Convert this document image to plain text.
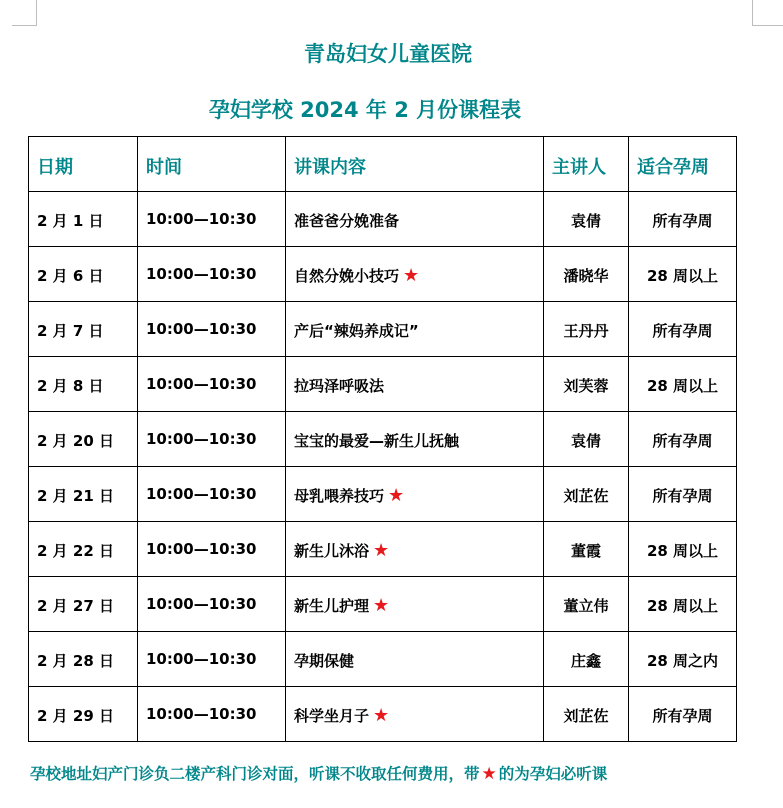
青岛妇女儿童医院
孕妇学校 2024 年 2 月份课程表
日期	时间	讲课内容	主讲人	适合孕周

2 月 1 日	10:00—10:30	准爸爸分娩准备	袁倩	所有孕周

2 月 6 日	10:00—10:30	自然分娩小技巧 ★	潘晓华	28 周以上

2 月 7 日	10:00—10:30	产后“辣妈养成记”	王丹丹	所有孕周

2 月 8 日	10:00—10:30	拉玛泽呼吸法	刘芙蓉	28 周以上

2 月 20 日	10:00—10:30	宝宝的最爱—新生儿抚触	袁倩	所有孕周

2 月 21 日	10:00—10:30	母乳喂养技巧 ★	刘芷佐	所有孕周

2 月 22 日	10:00—10:30	新生儿沐浴 ★	董霞	28 周以上

2 月 27 日	10:00—10:30	新生儿护理 ★	董立伟	28 周以上

2 月 28 日	10:00—10:30	孕期保健	庄鑫	28 周之内

2 月 29 日	10:00—10:30	科学坐月子 ★	刘芷佐	所有孕周
孕校地址妇产门诊负二楼产科门诊对面，听课不收取任何费用，带 ★ 的为孕妇必听课
